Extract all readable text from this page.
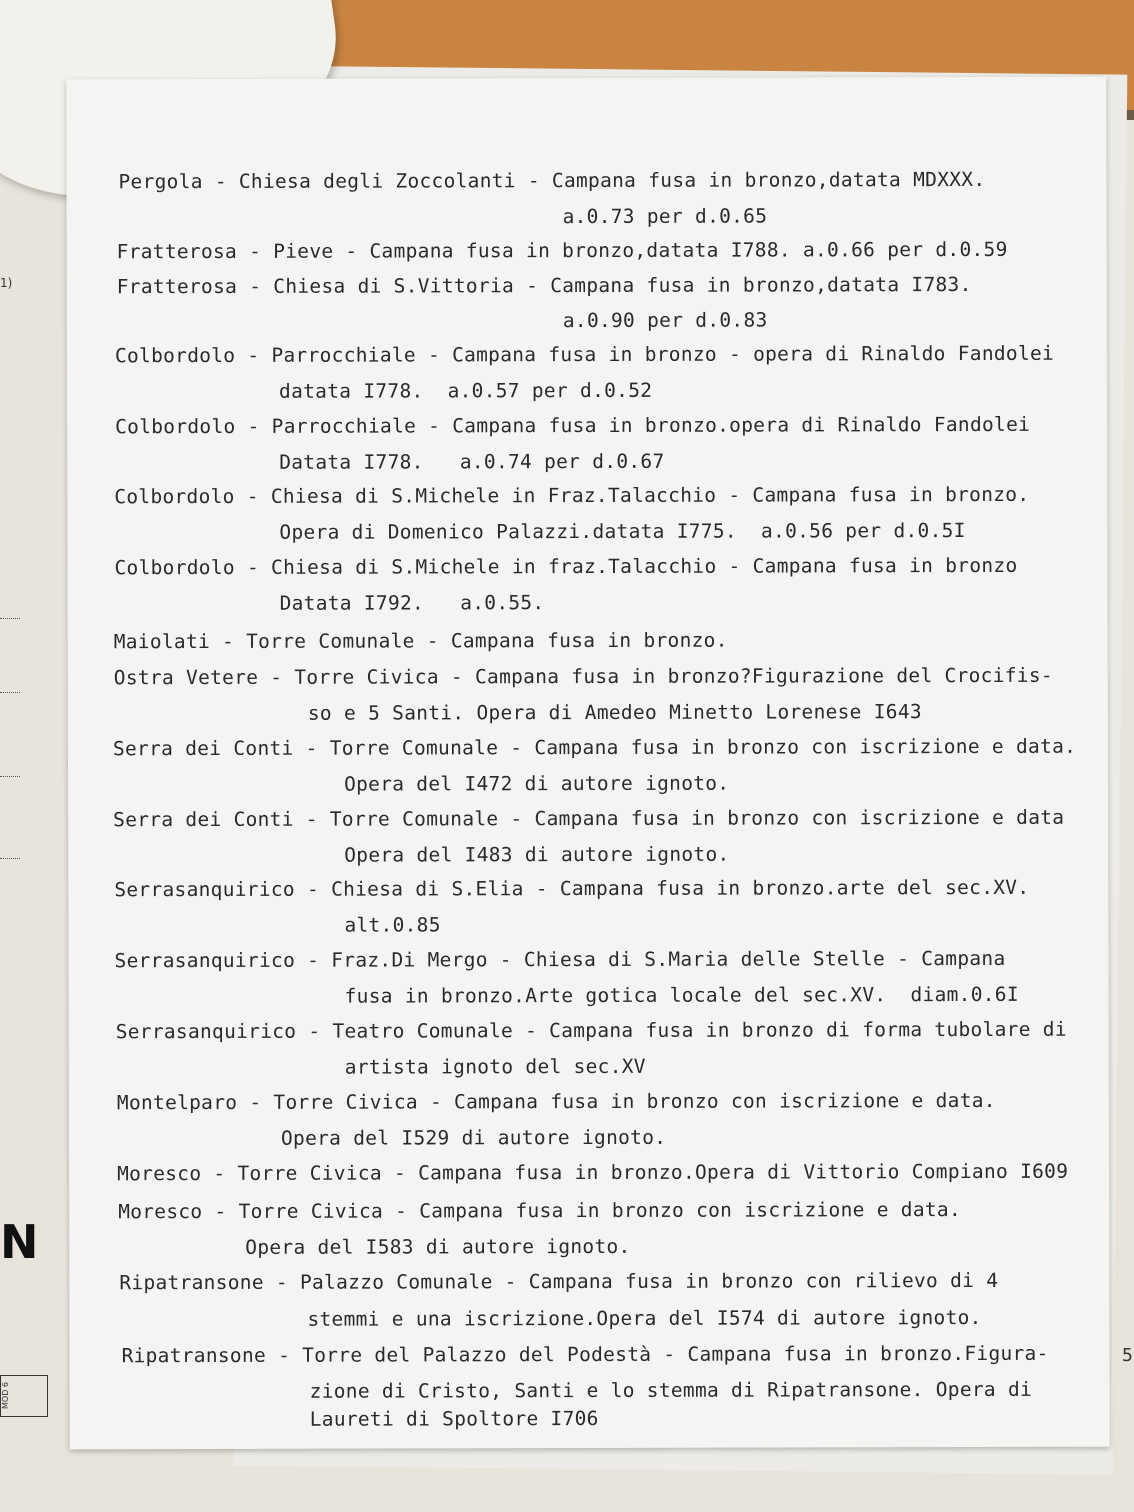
1)
N
MOD 6
5
Pergola - Chiesa degli Zoccolanti - Campana fusa in bronzo,datata MDXXX.
a.0.73 per d.0.65
Fratterosa - Pieve - Campana fusa in bronzo,datata I788. a.0.66 per d.0.59
Fratterosa - Chiesa di S.Vittoria - Campana fusa in bronzo,datata I783.
a.0.90 per d.0.83
Colbordolo - Parrocchiale - Campana fusa in bronzo - opera di Rinaldo Fandolei
datata I778.  a.0.57 per d.0.52
Colbordolo - Parrocchiale - Campana fusa in bronzo.opera di Rinaldo Fandolei
Datata I778.   a.0.74 per d.0.67
Colbordolo - Chiesa di S.Michele in Fraz.Talacchio - Campana fusa in bronzo.
Opera di Domenico Palazzi.datata I775.  a.0.56 per d.0.5I
Colbordolo - Chiesa di S.Michele in fraz.Talacchio - Campana fusa in bronzo
Datata I792.   a.0.55.
Maiolati - Torre Comunale - Campana fusa in bronzo.
Ostra Vetere - Torre Civica - Campana fusa in bronzo?Figurazione del Crocifis-
so e 5 Santi. Opera di Amedeo Minetto Lorenese I643
Serra dei Conti - Torre Comunale - Campana fusa in bronzo con iscrizione e data.
Opera del I472 di autore ignoto.
Serra dei Conti - Torre Comunale - Campana fusa in bronzo con iscrizione e data
Opera del I483 di autore ignoto.
Serrasanquirico - Chiesa di S.Elia - Campana fusa in bronzo.arte del sec.XV.
alt.0.85
Serrasanquirico - Fraz.Di Mergo - Chiesa di S.Maria delle Stelle - Campana
fusa in bronzo.Arte gotica locale del sec.XV.  diam.0.6I
Serrasanquirico - Teatro Comunale - Campana fusa in bronzo di forma tubolare di
artista ignoto del sec.XV
Montelparo - Torre Civica - Campana fusa in bronzo con iscrizione e data.
Opera del I529 di autore ignoto.
Moresco - Torre Civica - Campana fusa in bronzo.Opera di Vittorio Compiano I609
Moresco - Torre Civica - Campana fusa in bronzo con iscrizione e data.
Opera del I583 di autore ignoto.
Ripatransone - Palazzo Comunale - Campana fusa in bronzo con rilievo di 4
stemmi e una iscrizione.Opera del I574 di autore ignoto.
Ripatransone - Torre del Palazzo del Podestà - Campana fusa in bronzo.Figura-
zione di Cristo, Santi e lo stemma di Ripatransone. Opera di
Laureti di Spoltore I706
